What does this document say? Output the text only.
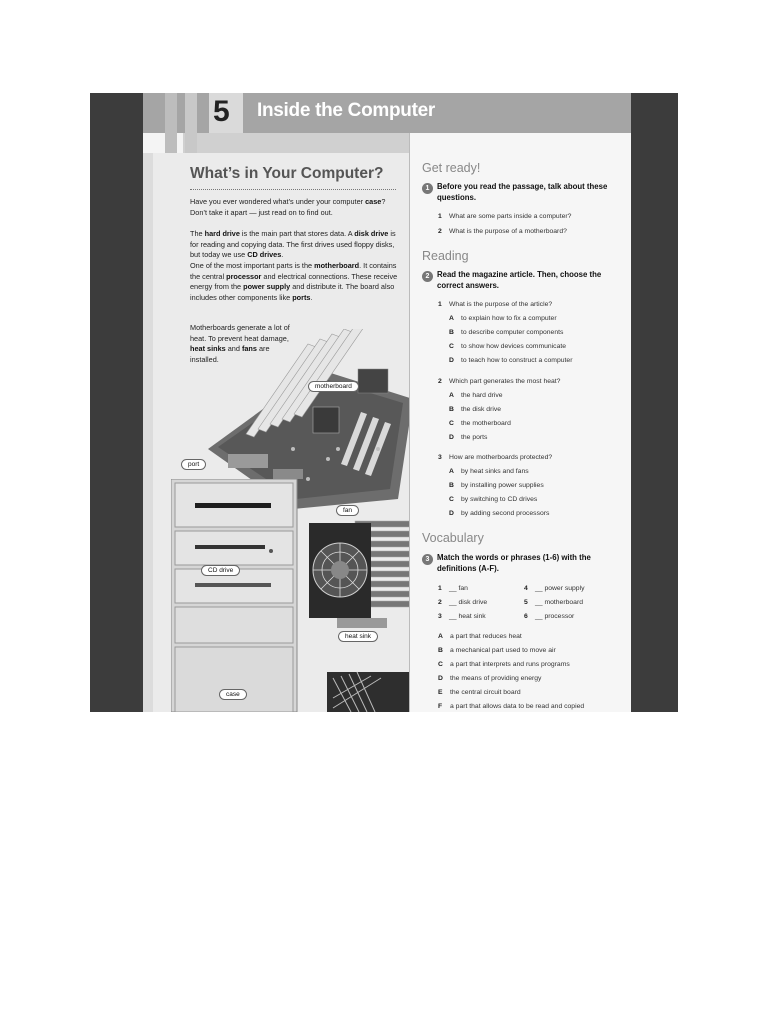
5 Inside the Computer
What’s in Your Computer?
Have you ever wondered what’s under your computer case? Don’t take it apart — just read on to find out.
The hard drive is the main part that stores data. A disk drive is for reading and copying data. The first drives used floppy disks, but today we use CD drives.
One of the most important parts is the motherboard. It contains the central processor and electrical connections. These receive energy from the power supply and distribute it. The board also includes other components like ports.
Motherboards generate a lot of heat. To prevent heat damage, heat sinks and fans are installed.
motherboard
port
CD drive
case
fan
heat sink
Get ready!
1 Before you read the passage, talk about these questions.
1 What are some parts inside a computer?
2 What is the purpose of a motherboard?
Reading
2 Read the magazine article. Then, choose the correct answers.
1 What is the purpose of the article?
A to explain how to fix a computer
B to describe computer components
C to show how devices communicate
D to teach how to construct a computer
2 Which part generates the most heat?
A the hard drive
B the disk drive
C the motherboard
D the ports
3 How are motherboards protected?
A by heat sinks and fans
B by installing power supplies
C by switching to CD drives
D by adding second processors
Vocabulary
3 Match the words or phrases (1-6) with the definitions (A-F).
1 __ fan
2 __ disk drive
3 __ heat sink
4 __ power supply
5 __ motherboard
6 __ processor
A a part that reduces heat
B a mechanical part used to move air
C a part that interprets and runs programs
D the means of providing energy
E the central circuit board
F a part that allows data to be read and copied
